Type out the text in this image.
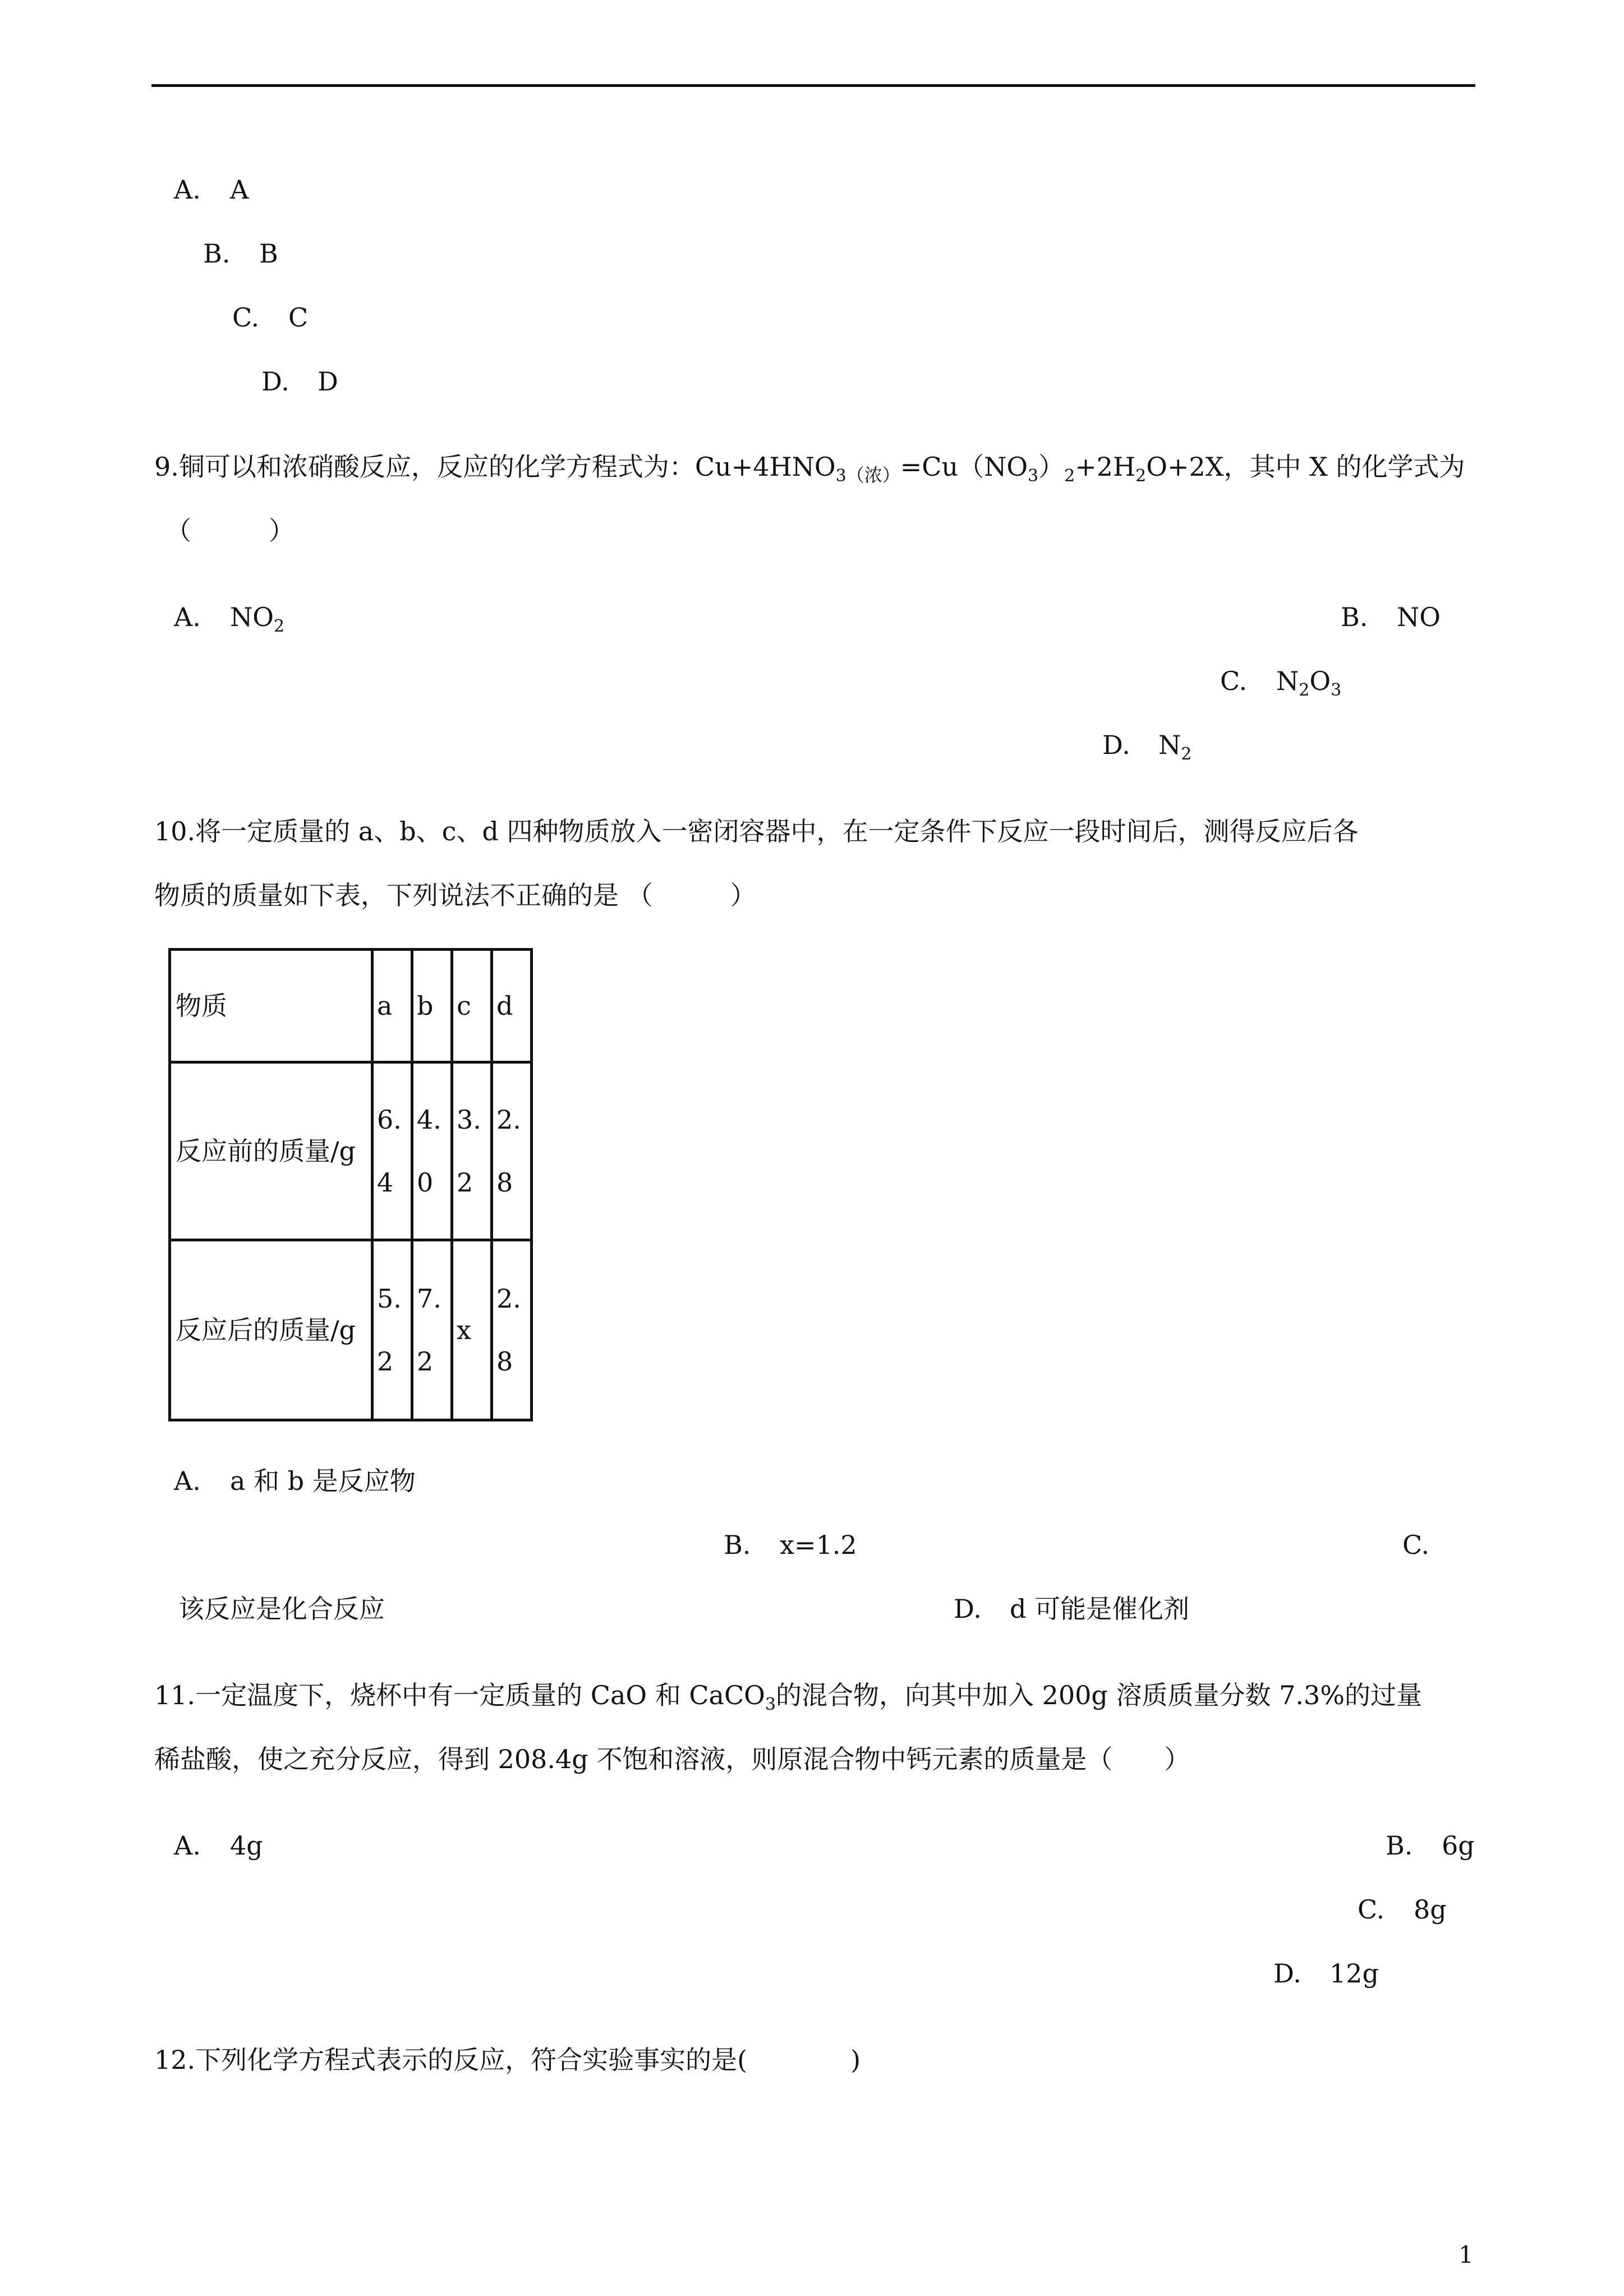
A. A
B. B
C. C
D. D
9.铜可以和浓硝酸反应，反应的化学方程式为：$Cu+4HNO_{3(浓)}=Cu(NO_3)_2+2H_2O+2X$，其中 X 的化学式为
（　　　）
A. $NO_2$	B. NO
C. $N_2O_3$
D. $N_2$
10.将一定质量的 a、b、c、d 四种物质放入一密闭容器中，在一定条件下反应一段时间后，测得反应后各
物质的质量如下表，下列说法不正确的是 （　　　）
物质	a	b	c	d

反应前的质量/g	6.4	4.0	3.2	2.8

反应后的质量/g	5.2	7.2	x	2.8
A. a 和 b 是反应物
B. x=1.2	C.
该反应是化合反应	D. d 可能是催化剂
11.一定温度下，烧杯中有一定质量的 CaO 和 CaCO$_3$的混合物，向其中加入 200g 溶质质量分数 7.3%的过量
稀盐酸，使之充分反应，得到 208.4g 不饱和溶液，则原混合物中钙元素的质量是（　　）
A. 4g	B. 6g
C. 8g
D. 12g
12.下列化学方程式表示的反应，符合实验事实的是(　　　　)
1
